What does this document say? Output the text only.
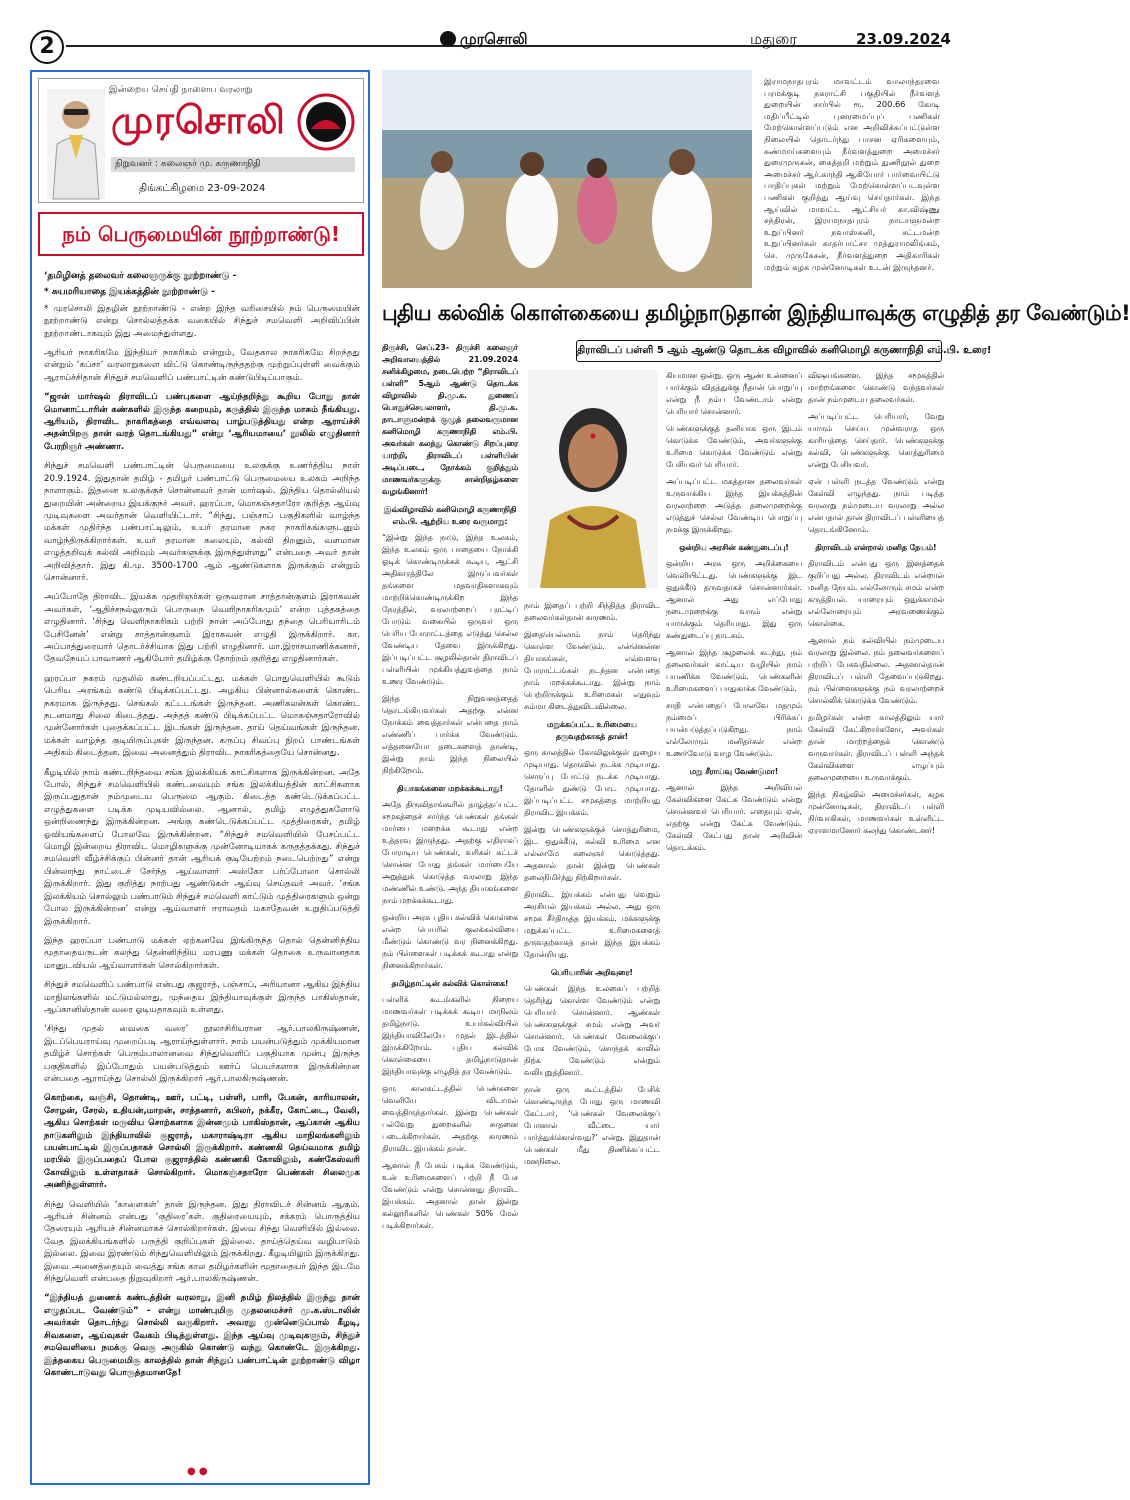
2	முரசொலி	மதுரை	23.09.2024
இன்றைய செய்தி நாளைய வரலாறு
முரசொலி
நிறுவனர் : கலைஞர் மு. கருணாநிதி
திங்கட்கிழமை 23-09-2024
நம் பெருமையின் நூற்றாண்டு!

‘தமிழினத் தலைவர் கலைஞருக்கு நூற்றாண்டு -

* சுயமரியாதை இயக்கத்தின் நூற்றாண்டு -

* முரசொலி இதழின் நூற்றாண்டு - என்ற இந்த வரிசையில் நம் பெருமையின் நூற்றாண்டு என்று சொல்லத்தக்க வகையில் சிந்துச் சமவெளி அறிவிப்பின் நூற்றாண்டாகவும் இது அமைந்துள்ளது.

ஆரியர் நாகரிகமே இந்தியர் நாகரிகம் என்றும், வேதகால நாகரிகமே சிறந்தது என்றும் ‘கப்சா’ வரலாறுகளை விட்டு கொண்டிருந்ததற்கு முற்றுப்புள்ளி வைக்கும் ஆராய்ச்சிதான் சிந்துச் சமவெளிப் பண்பாட்டின் கண்டுபிடிப்பாகும்.

“ஜான் மார்ஷல் திராவிடப் பண்புகளை ஆய்ந்தறிந்து கூறிய போது தான் மொனாட்டாரின் கண்களில் இருந்த கறையும், கருத்தில் இருந்த மாசும் நீங்கியது. ஆரியம், திராவிட நாகரிகத்தை எவ்வளவு பாழ்படுத்தியது என்ற ஆராய்ச்சி அதன்பிறகு தான் வரத் தொடங்கியது” என்று ‘ஆரியமாயை’ நூலில் எழுதினார் பேரறிஞர் அண்ணா.

சிந்துச் சமவெளி பண்பாட்டின் பெருமையை உலகுக்கு உணர்த்திய நாள் 20.9.1924. இதுதான் தமிழ் - தமிழர் பண்பாட்டு பெருமையை உலகம் அறிந்த நாளாகும். இதனை உலகுக்குச் சொன்னவர் தான் மார்ஷல். இந்திய தொல்லியல் துறையின் அன்றைய இயக்குநர் அவர். ஹரப்பா, மொகஞ்சதாரோ குறித்த ஆய்வு முடிவுகளை அவர்தான் வெளியிட்டார். “சிந்து, பஞ்சாப் பகுதிகளில் வாழ்ந்த மக்கள் முதிர்ந்த பண்பாட்டிலும், உயர் தரமான நகர நாகரிகங்களுடனும் வாழ்ந்திருக்கிறார்கள். உயர் தரமான கலையும், கல்வி திறனும், வளமான எழுத்தறிவுக் கல்வி அறிவும் அவர்களுக்கு இருந்துள்ளது” என்பதை அவர் தான் அறிவித்தார். இது கி.மு. 3500-1700 ஆம் ஆண்டுகளாக இருக்கும் என்றும் சொன்னார்.

அப்போதே திராவிட இயக்க முதறிஞர்கள் ஒருவரான சாத்தான்குளம் இராகவன் அவர்கள், ‘ஆதிச்சநல்லூரும் பொருநை வெளிநாகரிகமும்’ என்ற புத்தகத்தை எழுதினார். ‘சிந்து வெளிநாகரிகம் பற்றி நான் அப்போது தந்தை பெரியாரிடம் பேசினேன்’ என்று சாத்தான்குளம் இராகவன் எழுதி இருக்கிறார். கா. அப்பாத்துரையார் தொடர்ச்சியாக இது பற்றி எழுதினார். மா.இராசமாணிக்கனார், தேவநேயப் பாவாணர் ஆகியோர் தமிழ்க்கு தோற்றம் குறித்து எழுதினார்கள்.

ஹரப்பா நகரம் முதலில் கண்டறியப்பட்டது. மக்கள் பொதுவெளியில் கூடும் பெரிய அரங்கம் கண்டு பிடிக்கப்பட்டது. அழகிய பின்னால்களைக் கொண்ட நகரமாக இருந்தது. செங்கல் கட்டடங்கள் இருந்தன. அணிகலன்கள் கொண்ட நடனமாது சிலை கிடைத்தது. அந்தத் கண்டு பிடிக்கப்பட்ட மொகஞ்சதாரோவில் முன்னோர்கள் புதைக்கப்பட்ட இடங்கள் இருந்தன. தாய் தெய்வங்கள் இருந்தன. மக்கள் வாழ்ந்த குடியிருப்புகள் இருந்தன. கருப்பு சிவப்பு நிறப் பாண்டங்கள் அதிகம் கிடைத்தன. இவை அனைத்தும் திராவிட நாகரிகத்தையே சொன்னது.

கீழடியில் நாம் கண்டறிந்தவை சங்க இலக்கியக் காட்சிகளாக இருக்கின்றன. அதே போல், சிந்துச் சமவெளியில் கண்டவையும் சங்க இலக்கியத்தின் காட்சிகளாக இருப்பதுதான் நம்முடைய பெருமை ஆகும். கிடைத்த கண்டெடுக்கப்பட்ட எழுத்துகளை படிக்க முடியவில்லை. ஆனால், தமிழ் எழுத்துகளோடு ஒன்றிணைந்து இருக்கின்றன. அங்கு கண்டெடுக்கப்பட்ட முத்திரைகள், தமிழ் ஓவியங்களைப் போலவே இருக்கின்றன. “சிந்துச் சமவெளியில் பேசப்பட்ட மொழி இன்றைய திராவிட மொழிகளுக்கு முன்னோடியாகக் கருதத்தக்கது. சிந்துச் சமவெளி வீழ்ச்சிக்குப் பின்னர் தான் ஆரியக் குடியேற்றம் நடைபெற்றது” என்று பின்லாந்து நாட்டைச் சேர்ந்த ஆய்வாளர் அஸ்கோ பர்ப்போலா சொல்லி இருக்கிறார். இது குறித்து நாற்பது ஆண்டுகள் ஆய்வு செய்தவர் அவர். ‘சங்க இலக்கியம் சொல்லும் பண்பாடும் சிந்துச் சமவெளி காட்டும் முத்திரைகளும் ஒன்று போல இருக்கின்றன’ என்று ஆய்வாளர் ஈராவதம் மகாதேவன் உறுதிப்படுத்தி இருக்கிறார்.

இந்த ஹரப்பா பண்பாடு மக்கள் ஏற்கனவே இங்கிருந்த தொல் தென்னிந்திய மூதாதையருடன் கலந்து தென்னிந்திய மரபணு மக்கள் தொகை உருவானதாக மானுடவியல் ஆய்வாளர்கள் சொல்கிறார்கள்.

சிந்துச் சமவெளிப் பண்பாடு என்பது குஜராத், பஞ்சாப், அரியானா ஆகிய இந்திய மாநிலங்களில் மட்டுமல்லாது, முந்தைய இந்தியாவுக்குள் இருந்த பாகிஸ்தான், ஆப்கானிஸ்தான் வரை ஓடியதாகவும் உள்ளது.

‘சிந்து முதல் வைகை வரை’ நூலாசிரியரான ஆர்.பாலகிருஷ்ணன், இடப்பெயராய்வு முறைப்படி ஆராய்ந்துள்ளார். நாம் பயன்படுத்தும் முக்கியமான தமிழ்ச் சொற்கள் பெரும்பாலானவை சிந்துவெளிப் பகுதியாக முன்பு இருந்த பகுதிகளில் இப்போதும் பயன்படுத்தும் ஊர்ப் பெயர்களாக இருக்கின்றன என்பதை ஆராய்ந்து சொல்லி இருக்கிறார் ஆர்.பாலகிருஷ்ணன்.

கொற்கை, வஞ்சி, தொண்டி, ஊர், பட்டி, பள்ளி, பாரி, பேகன், காரியாலன், சோழன், சேரல், உதியன்,மாறன், சாத்தனார், கபிலர், நக்கீர, கோட்டை, வேலி, ஆகிய சொற்கள் மருவிய சொற்களாக இன்னமும் பாகிஸ்தான், ஆப்கான் ஆகிய நாடுகளிலும் இந்தியாவில் குஜராத், மகாராஷ்டிரா ஆகிய மாநிலங்களிலும் பயன்பாட்டில் இருப்பதாகச் சொல்லி இருக்கிறார். கண்ணகி தெய்வமாக தமிழ் மரபில் இருப்பதைப் போல குஜராத்தில் கண்ணகி கோவிலும், கண்கேஸ்வரி கோவிலும் உள்ளதாகச் சொல்கிறார். மொகஞ்சதாரோ பெண்கள் சிலைமுக அணிந்துள்ளார்.

சிந்து வெளியில் ‘காளைகள்’ தான் இருந்தன. இது திராவிடச் சின்னம் ஆகும். ஆரியச் சின்னம் என்பது ‘குதிரை’கள். குதிரையையும், சக்கரம் பொருத்திய தேரையும் ஆரியச் சின்னமாகச் சொல்கிறார்கள். இவை சிந்து வெளியில் இல்லை. வேத இலக்கியங்களில் பருத்தி குறிப்புகள் இல்லை. தாய்த்தெய்வ வழிபாடும் இல்லை. இவை இரண்டும் சிந்துவெளியிலும் இருக்கிறது. கீழடியிலும் இருக்கிறது. இவை அனைத்தையும் வைத்து சங்க கால தமிழர்களின் மூதாதையர் இந்த இடமே சிந்துவெளி என்பதை நிறுவுகிறார் ஆர்.பாலகிருஷ்ணன்.

“இந்தியத் துணைக் கண்டத்தின் வரலாறு, இனி தமிழ் நிலத்தில் இருந்து தான் எழுதப்பட வேண்டும்” - என்று மாண்புமிகு முதலமைச்சர் மு.க.ஸ்டாலின் அவர்கள் தொடர்ந்து சொல்லி வருகிறார். அவரது முன்னெடுப்பால் கீழடி, சிவகளை, ஆய்வுகள் வேகம் பிடித்துள்ளது. இந்த ஆய்வு முடிவுகளும், சிந்துச் சமவெளியை நமக்கு வெகு அருகில் கொண்டு வந்து கொண்டே இருக்கிறது. இத்தகைய பெருமைமிகு காலத்தில் தான் சிந்துப் பண்பாட்டின் நூற்றாண்டு விழா கொண்டாடுவது பொருத்தமானதே!

● ●
இராமநாதபுரம் மாவட்டம் வாலாந்தரவை பரமக்குடி நகராட்சி பகுதியில் நீர்வளத் துறையின் சார்பில் ரூ. 200.66 கோடி மதிப்பீட்டில் புனரமைப்புப் பணிகள் மேற்கொள்ளப்படும் என அறிவிக்கப்பட்டுள்ள நிலையில் தொடர்ந்து பாசன ஏரிகளையும், கண்மாய்களையும் நீர்வளத்துறை அமைச்சர் துரைமுருகன், கைத்தறி மற்றும் துணிநூல் துறை அமைச்சர் ஆர்.காந்தி ஆகியோர் பார்வையிட்டு பாதிப்புகள் மற்றும் மேற்கொள்ளப்படவுள்ள பணிகள் குறித்து ஆய்வு செய்தார்கள். இந்த ஆய்வில் மாவட்ட ஆட்சியர் கா.விஷ்ணு சந்திரன், இராமநாதபுரம் நாடாளுமன்ற உறுப்பினர் நவாஸ்கனி, சட்டமன்ற உறுப்பினர்கள் காதர்பாட்சா முத்துராமலிங்கம், செ. முருகேசன், நீர்வளத்துறை அதிகாரிகள் மற்றும் கழக முன்னோடிகள் உடன் இருந்தனர்.
புதிய கல்விக் கொள்கையை தமிழ்நாடுதான் இந்தியாவுக்கு எழுதித் தர வேண்டும்!
திராவிடப் பள்ளி 5 ஆம் ஆண்டு தொடக்க விழாவில் கனிமொழி கருணாநிதி எம்.பி. உரை!

திருச்சி, செப்.23- திருச்சி கலைஞர் அறிவாலயத்தில் 21.09.2024 சனிக்கிழமை, நடைபெற்ற “திராவிடப் பள்ளி” 5ஆம் ஆண்டு தொடக்க விழாவில் தி.மு.க. துணைப் பொதுச்செயலாளர், தி.மு.க. நாடாளுமன்றக் குழுத் தலைவருமான கனிமொழி கருணாநிதி எம்.பி. அவர்கள் கலந்து கொண்டு சிறப்புரை யாற்றி, திராவிடப் பள்ளியின் அடிப்படை, நோக்கம் குறித்தும் மாணவர்களுக்கு சான்றிதழ்களை வழங்கினார்!

இவ்விழாவில் கனிமொழி கருணாநிதி எம்.பி. ஆற்றிய உரை வருமாறு:

“இன்று இந்த நாடு, இந்த உலகம், இந்த உலகம் ஒரு பாதையை நோக்கி ஓடிக் கொண்டிருக்கக் கூடிய, ஆட்சி அதிகாரத்திலே இருப்பவர்கள் தங்களை மதவாதிகளாகவும் மாற்றிக்கொண்டிருக்கிற இந்த நேரத்தில், வரலாற்றைப் புரட்டிப் போடும் வகையில் ஒருவர் ஒரு பெரிய போராட்டத்தை எடுத்து செல்ல வேண்டிய தேவை இருக்கிறது. இப்படிப்பட்ட சூழலில்தான் திராவிடப் பள்ளியின் முக்கியத்துவத்தை நாம் உணர வேண்டும்.

இந்த நிறுவனத்தைத் தொடங்கியவர்கள் அதற்கு என்ன நோக்கம் வைத்தார்கள் என்பதை நாம் எண்ணிப் பார்க்க வேண்டும். எத்தனையோ தடைகளைத் தாண்டி, இன்று நாம் இந்த நிலையில் நிற்கிறோம்.

தியாகங்களை மறக்கக்கூடாது!

அதே திருவிதாங்கூரில் தாழ்த்தப்பட்ட சமூகத்தைச் சார்ந்த பெண்கள் தங்கள் மார்பை மறைக்க கூடாது என்ற உத்தரவு இருந்தது. அதற்கு எதிராகப் போராடிய பெண்கள், வரிகள் கட்டச் சொன்ன போது தங்கள் மார்பையே அறுத்துக் கொடுத்த வரலாறு இந்த மண்ணில் உண்டு. அந்த தியாகங்களை நாம் மறக்கக்கூடாது.

ஒன்றிய அரசு புதிய கல்விக் கொள்கை என்ற பெயரில் குலக்கல்வியை மீண்டும் கொண்டு வர நினைக்கிறது. நம் பிள்ளைகள் படிக்கக் கூடாது என்று நினைக்கிறார்கள்.

தமிழ்நாட்டின் கல்விக் கொள்கை!

பள்ளிக் கூடங்களில் நிறைய மாணவர்கள் படிக்கக் கூடிய மாநிலம் தமிழ்நாடு. உயர்கல்வியில் இந்தியாவிலேயே முதல் இடத்தில் இருக்கிறோம். புதிய கல்விக் கொள்கையை தமிழ்நாடுதான் இந்தியாவுக்கு எழுதித் தர வேண்டும்.

ஒரு காலகட்டத்தில் பெண்களை வெளியே விடாமல் வைத்திருந்தார்கள். இன்று பெண்கள் பல்வேறு துறைகளில் சாதனை படைக்கிறார்கள். அதற்கு காரணம் திராவிட இயக்கம் தான்.

ஆனால் நீ பேசும் படிக்க வேண்டும், உன் உரிமைகளைப் பற்றி நீ பேச வேண்டும் என்று சொன்னது திராவிட இயக்கம். அதனால் தான் இன்று கல்லூரிகளில் பெண்கள் 50% மேல் படிக்கிறார்கள்.

நாம் இதைப் பற்றி சிந்தித்த திராவிட தலைவர்கள்தான் காரணம்.

இதையெல்லாம் நாம் தெரிந்து கொள்ள வேண்டும். என்னென்ன தியாகங்கள், எவ்வளவு போராட்டங்கள் நடந்தன என்பதை நாம் மறக்கக்கூடாது. இன்று நாம் பெற்றிருக்கும் உரிமைகள் எதுவும் சும்மா கிடைத்துவிடவில்லை.

மறுக்கப்பட்ட உரிமையை தருவதற்காகத் தான்!

ஒரு காலத்தில் கோவிலுக்குள் நுழைய முடியாது. தெருவில் நடக்க முடியாது. செருப்பு போட்டு நடக்க முடியாது. தோளில் துண்டு போட முடியாது. இப்படிப்பட்ட சமூகத்தை மாற்றியது திராவிட இயக்கம்.

இன்று பெண்களுக்குச் சொத்துரிமை, இட ஒதுக்கீடு, கல்வி உரிமை என எல்லாமே கலைஞர் கொடுத்தது. அதனால் தான் இன்று பெண்கள் தலைநிமிர்ந்து நிற்கிறார்கள்.

திராவிட இயக்கம் என்பது வெறும் அரசியல் இயக்கம் அல்ல. அது ஒரு சமூக சீர்திருத்த இயக்கம். மக்களுக்கு மறுக்கப்பட்ட உரிமைகளைத் தருவதற்காகத் தான் இந்த இயக்கம் தோன்றியது.

பெரியாரின் அறிவுரை!

பெண்கள் இந்த உலகைப் பற்றித் தெரிந்து கொள்ள வேண்டும் என்று பெரியார் சொன்னார். ஆண்கள் பெண்களுக்குச் சமம் என்று அவர் சொன்னார். பெண்கள் வேலைக்குப் போக வேண்டும், சொந்தக் காலில் நிற்க வேண்டும் என்றும் வலியுறுத்தினார்.

நான் ஒரு கூட்டத்தில் பேசிக் கொண்டிருந்த போது ஒரு மாணவி கேட்டார், ‘பெண்கள் வேலைக்குப் போனால் வீட்டை யார் பார்த்துக்கொள்வது?’ என்று. இதுதான் பெண்கள் மீது திணிக்கப்பட்ட மனநிலை.

கியமான ஒன்று. ஒரு ஆண் உன்னைப் பார்க்கும் விதத்துக்கு நீதான் பொறுப்பு என்று நீ நம்ப வேண்டாம் என்று பெரியார் சொன்னார்.

பெண்களுக்குத் தனியாக ஒரு இடம் கொடுக்க வேண்டும், அவர்களுக்கு உரிமை கொடுக்க வேண்டும் என்று பேசியவர் பெரியார்.

அப்படிப்பட்ட மகத்தான தலைவர்கள் உருவாக்கிய இந்த இயக்கத்தின் வரலாற்றை அடுத்த தலைமுறைக்கு எடுத்துச் செல்ல வேண்டிய பொறுப்பு நமக்கு இருக்கிறது.

ஒன்றிய அரசின் கண்துடைப்பு!

ஒன்றிய அரசு ஒரு அறிக்கையை வெளியிட்டது. பெண்களுக்கு இட ஒதுக்கீடு தருவதாகச் சொன்னார்கள். ஆனால் அது எப்போது நடைமுறைக்கு வரும் என்று யாருக்கும் தெரியாது. இது ஒரு கண்துடைப்பு நாடகம்.

ஆனால் இந்த சூழலைக் கடந்து, நம் தலைவர்கள் காட்டிய வழியில் நாம் பயணிக்க வேண்டும். பெண்களின் உரிமைகளைப் பாதுகாக்க வேண்டும்.

சாதி என்பதைப் போலவே மதமும் நம்மைப் பிரிக்கப் பயன்படுத்தப்படுகிறது. நாம் எல்லோரும் மனிதர்கள் என்ற உணர்வோடு வாழ வேண்டும்.

மறு சீராய்வு வேண்டுமா!

ஆனால் இந்த அறிவியல் கேள்விகளை கேட்க வேண்டும் என்று சொன்னவர் பெரியார். எதையும் ஏன், எதற்கு என்று கேட்க வேண்டும். கேள்வி கேட்பது தான் அறிவின் தொடக்கம்.

விஷயங்களை. இந்த சமூகத்தில் மாற்றங்களை கொண்டு வந்தவர்கள் தான் நம்முடைய தலைவர்கள்.

அப்படிப்பட்ட பெரியார், வேறு யாரும் செய்ய முன்வராத ஒரு காரியத்தை செய்தார். பெண்களுக்கு கல்வி, பெண்களுக்கு சொத்துரிமை என்று பேசியவர்.

ஏன் பள்ளி நடத்த வேண்டும் என்று கேள்வி எழுந்தது. நாம் படித்த வரலாறு நம்முடைய வரலாறு அல்ல என்பதால் தான் திராவிடப் பள்ளியைத் தொடங்கினோம்.

திராவிடம் என்றால் மனித நேயம்!

திராவிடம் என்பது ஒரு இனத்தைக் குறிப்பது அல்ல. திராவிடம் என்றால் மனித நேயம். எல்லோரும் சமம் என்ற கருத்தியல். யாரையும் ஒதுக்காமல் எல்லோரையும் அரவணைக்கும் கொள்கை.

ஆனால் நம் கல்வியில் நம்முடைய வரலாறு இல்லை. நம் தலைவர்களைப் பற்றிப் பேசுவதில்லை. அதனால்தான் திராவிடப் பள்ளி தேவைப்படுகிறது. நம் பிள்ளைகளுக்கு நம் வரலாற்றைச் சொல்லிக் கொடுக்க வேண்டும்.

தமிழர்கள் என்ற காலத்திலும் யார் கேள்வி கேட்கிறார்களோ, அவர்கள் தான் மாற்றத்தைக் கொண்டு வருவார்கள். திராவிடப் பள்ளி அந்தக் கேள்விகளை எழுப்பும் தலைமுறையை உருவாக்கும்.

இந்த நிகழ்வில் அமைச்சர்கள், கழக முன்னோடிகள், திராவிடப் பள்ளி நிர்வாகிகள், மாணவர்கள் உள்ளிட்ட ஏராளமானோர் கலந்து கொண்டனர்!
